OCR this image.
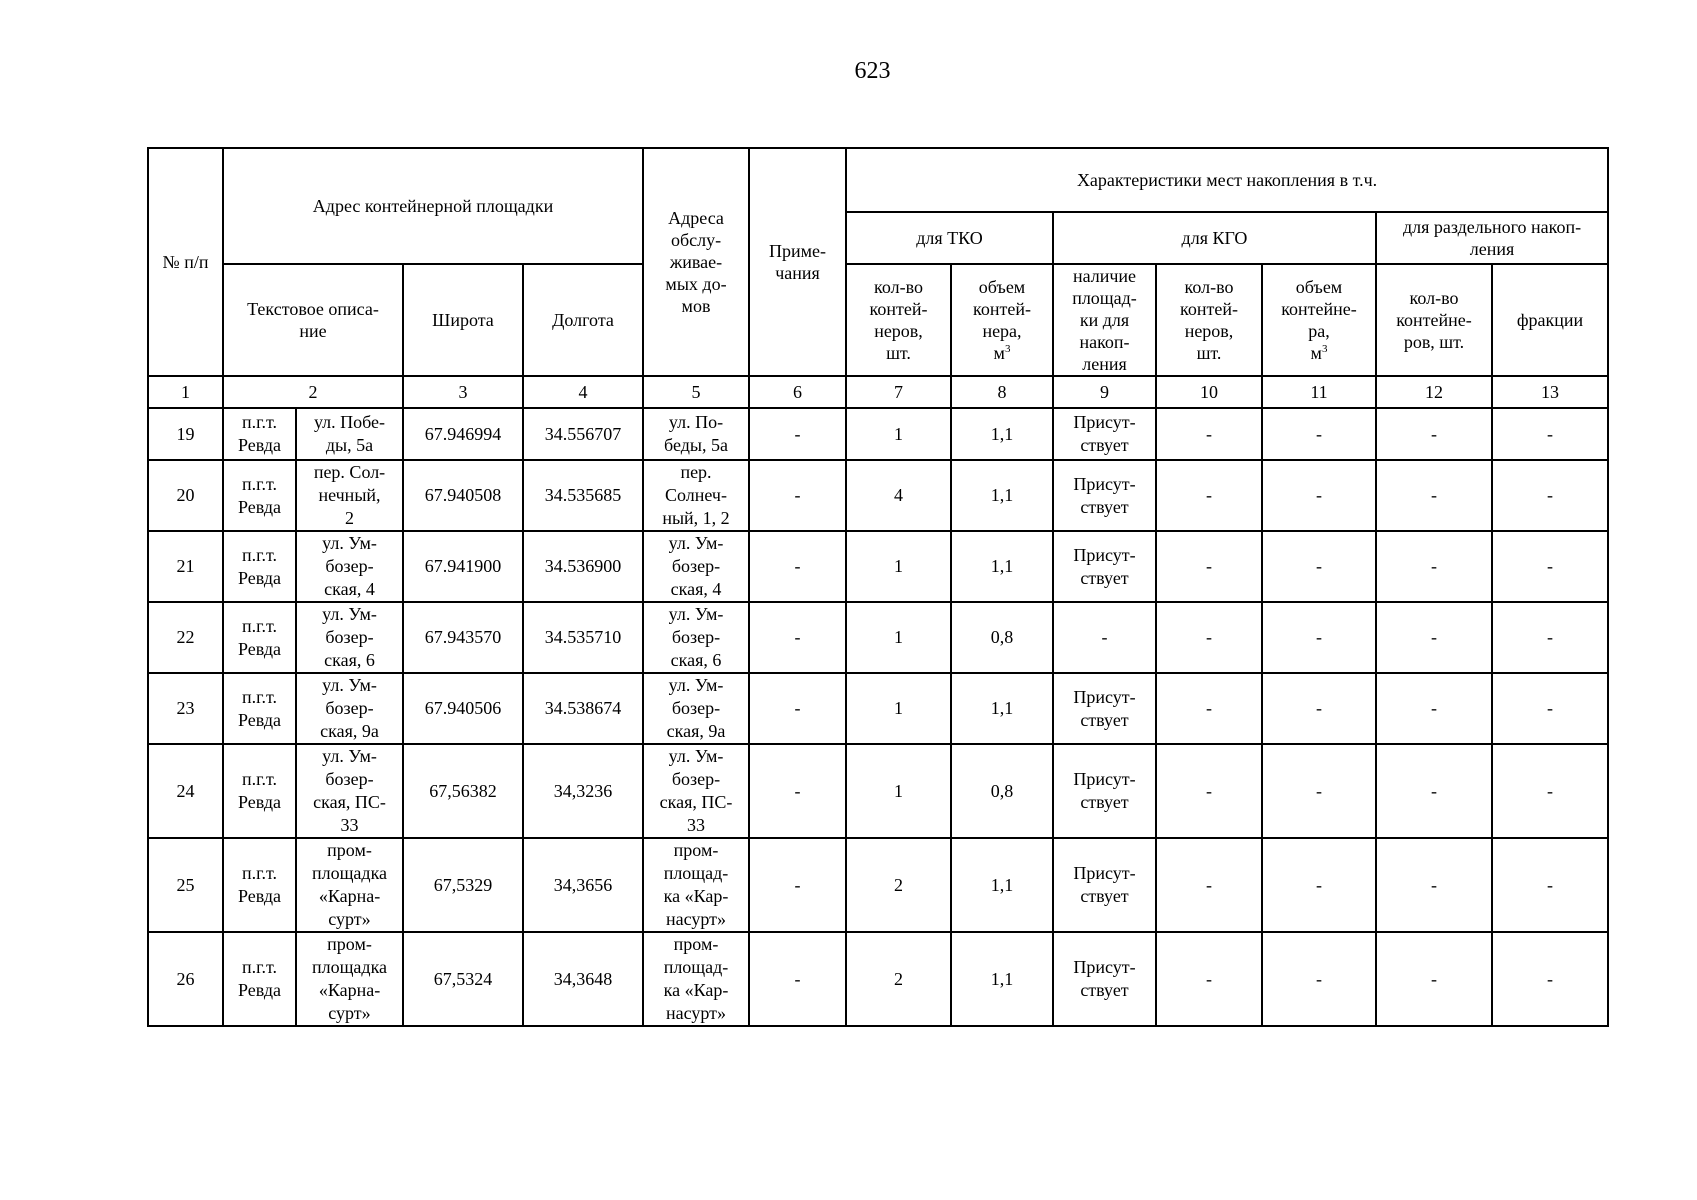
623
№ п/п	Адрес контейнерной площадки				Адреса
обслу-
живае-
мых до-
мов	Приме-
чания	Характеристики мест накопления в т.ч.						

							для ТКО		для КГО			для раздельного накоп-
ления	

							кол-во
контей-
неров,
шт.	объем
контей-
нера,
$м^3$	наличие
площад-
ки для
накоп-
ления	кол-во
контей-
неров,
шт.	объем
контейне-
ра,
$м^3$	кол-во
контейне-
ров, шт.	фракции

	Текстовое описа-
ние		Широта	Долгота									

1	2		3	4	5	6	7	8	9	10	11	12	13
19	п.г.т.
Ревда	ул. Побе-
ды, 5а	67.946994	34.556707	ул. По-
беды, 5а	-	1	1,1	Присут-
ствует	-	-	-	-
20	п.г.т.
Ревда	пер. Сол-
нечный,
2	67.940508	34.535685	пер.
Солнеч-
ный, 1, 2	-	4	1,1	Присут-
ствует	-	-	-	-
21	п.г.т.
Ревда	ул. Ум-
бозер-
ская, 4	67.941900	34.536900	ул. Ум-
бозер-
ская, 4	-	1	1,1	Присут-
ствует	-	-	-	-
22	п.г.т.
Ревда	ул. Ум-
бозер-
ская, 6	67.943570	34.535710	ул. Ум-
бозер-
ская, 6	-	1	0,8	-	-	-	-	-
23	п.г.т.
Ревда	ул. Ум-
бозер-
ская, 9а	67.940506	34.538674	ул. Ум-
бозер-
ская, 9а	-	1	1,1	Присут-
ствует	-	-	-	-
24	п.г.т.
Ревда	ул. Ум-
бозер-
ская, ПС-
33	67,56382	34,3236	ул. Ум-
бозер-
ская, ПС-
33	-	1	0,8	Присут-
ствует	-	-	-	-
25	п.г.т.
Ревда	пром-
площадка
«Карна-
сурт»	67,5329	34,3656	пром-
площад-
ка «Кар-
насурт»	-	2	1,1	Присут-
ствует	-	-	-	-
26	п.г.т.
Ревда	пром-
площадка
«Карна-
сурт»	67,5324	34,3648	пром-
площад-
ка «Кар-
насурт»	-	2	1,1	Присут-
ствует	-	-	-	-
